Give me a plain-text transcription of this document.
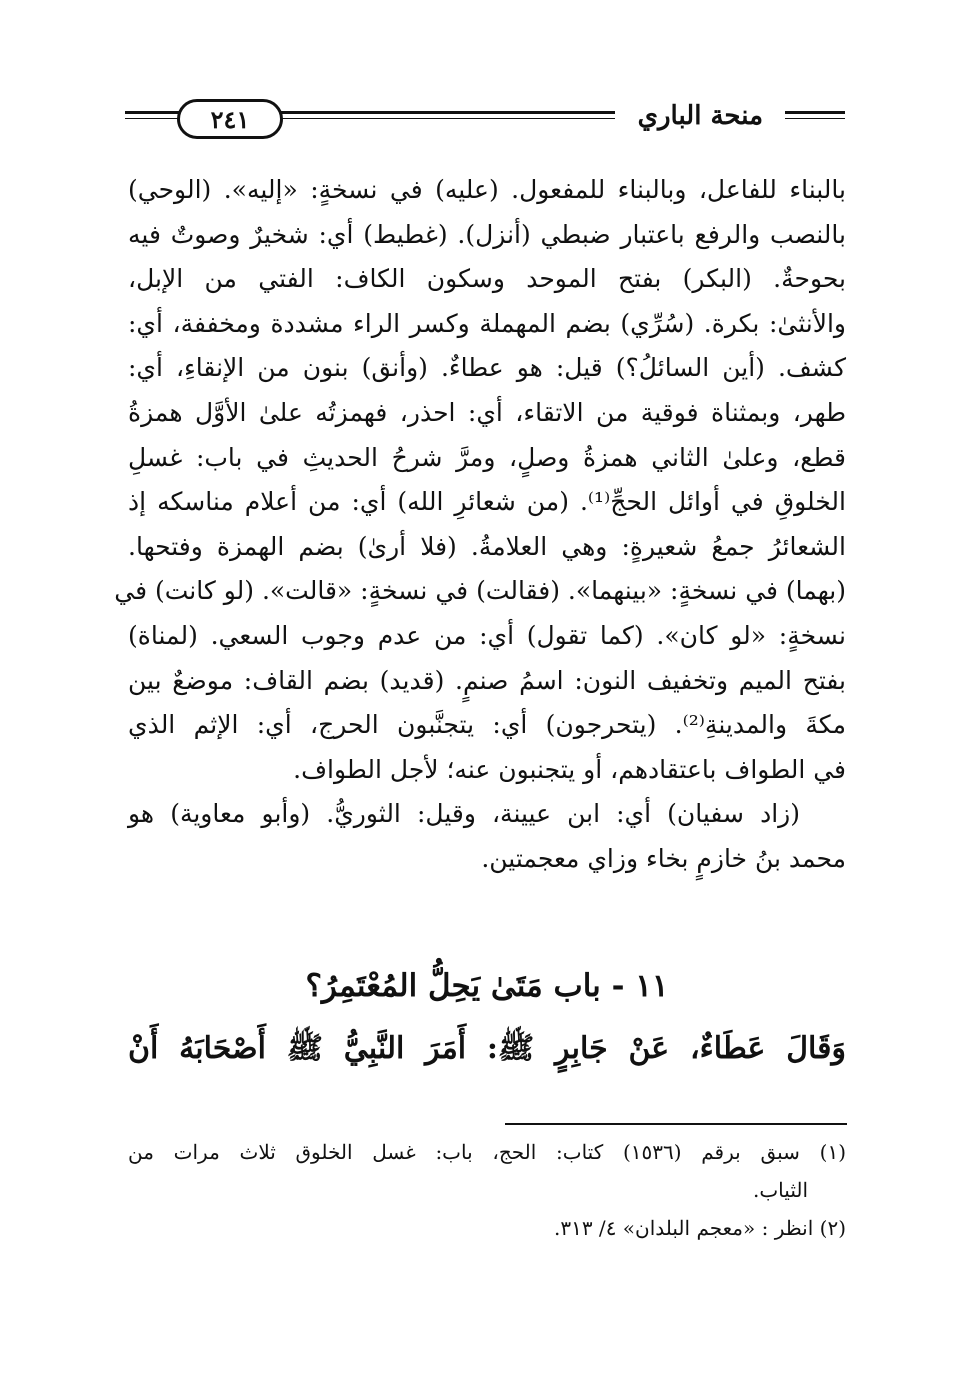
منحة الباري
٢٤١
بالبناء للفاعل، وبالبناء للمفعول. (عليه) في نسخةٍ: «إليه». (الوحي)
بالنصب والرفع باعتبار ضبطي (أنزل). (غطيط) أي: شخيرٌ وصوتٌ فيه
بحوحةٌ. (البكر) بفتح الموحد وسكون الكاف: الفتي من الإبل،
والأنثىٰ: بكرة. (سُرِّي) بضم المهملة وكسر الراء مشددة ومخففة، أي:
كشف. (أين السائلُ؟) قيل: هو عطاءٌ. (وأنق) بنون من الإنقاءِ، أي:
طهر، وبمثناة فوقية من الاتقاء، أي: احذر، فهمزتُه علىٰ الأوَّل همزةُ
قطع، وعلىٰ الثاني همزةُ وصلٍ، ومرَّ شرحُ الحديثِ في باب: غسلِ
الخلوقِ في أوائل الحجِّ⁽¹⁾. (من شعائرِ الله) أي: من أعلام مناسكه إذ
الشعائرُ جمعُ شعيرةٍ: وهي العلامةُ. (فلا أرىٰ) بضم الهمزة وفتحها.
(بهما) في نسخةٍ: «بينهما». (فقالت) في نسخةٍ: «قالت». (لو كانت) في
نسخةٍ: «لو كان». (كما تقول) أي: من عدم وجوب السعي. (لمناة)
بفتح الميم وتخفيف النون: اسمُ صنمٍ. (قديد) بضم القاف: موضعٌ بين
مكةَ والمدينةِ⁽²⁾. (يتحرجون) أي: يتجنَّبون الحرج، أي: الإثم الذي
في الطواف باعتقادهم، أو يتجنبون عنه؛ لأجل الطواف.
(زاد سفيان) أي: ابن عيينة، وقيل: الثوريُّ. (وأبو معاوية) هو
محمد بنُ خازمٍ بخاء وزاي معجمتين.
١١ - باب مَتَىٰ يَحِلُّ المُعْتَمِرُ؟
وَقَالَ عَطَاءٌ، عَنْ جَابِرٍ ﷺ: أَمَرَ النَّبِيُّ ﷺ أَصْحَابَهُ أَنْ
(١) سبق برقم (١٥٣٦) كتاب: الحج، باب: غسل الخلوق ثلاث مرات من
الثياب.
(٢) انظر : «معجم البلدان» ٤/ ٣١٣.
